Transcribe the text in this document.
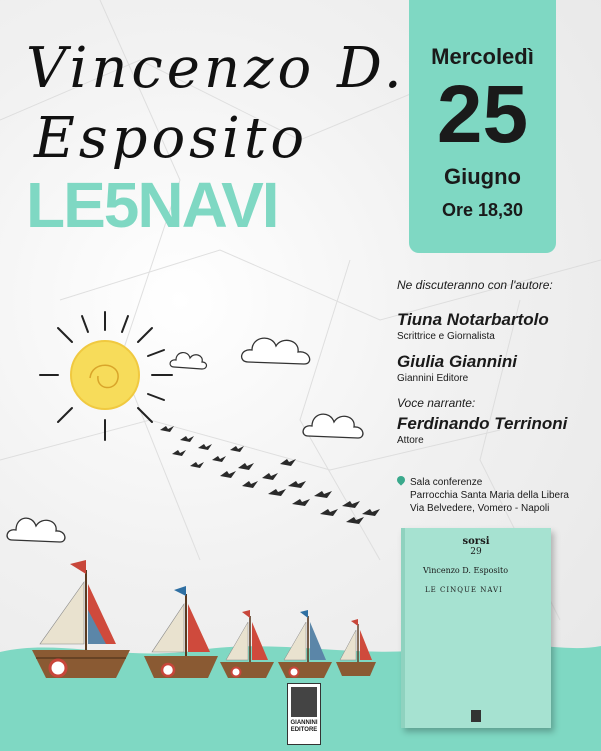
Vincenzo D.
Esposito
LE5NAVI
Mercoledì
25
Giugno
Ore 18,30
Ne discuteranno con l'autore:
Tiuna Notarbartolo
Scrittrice e Giornalista
Giulia Giannini
Giannini Editore
Voce narrante:
Ferdinando Terrinoni
Attore
Sala conferenze
Parrocchia Santa Maria della Libera
Via Belvedere, Vomero - Napoli
GIANNINI
EDITORE
sorsi
29
Vincenzo D. Esposito
LE CINQUE NAVI
